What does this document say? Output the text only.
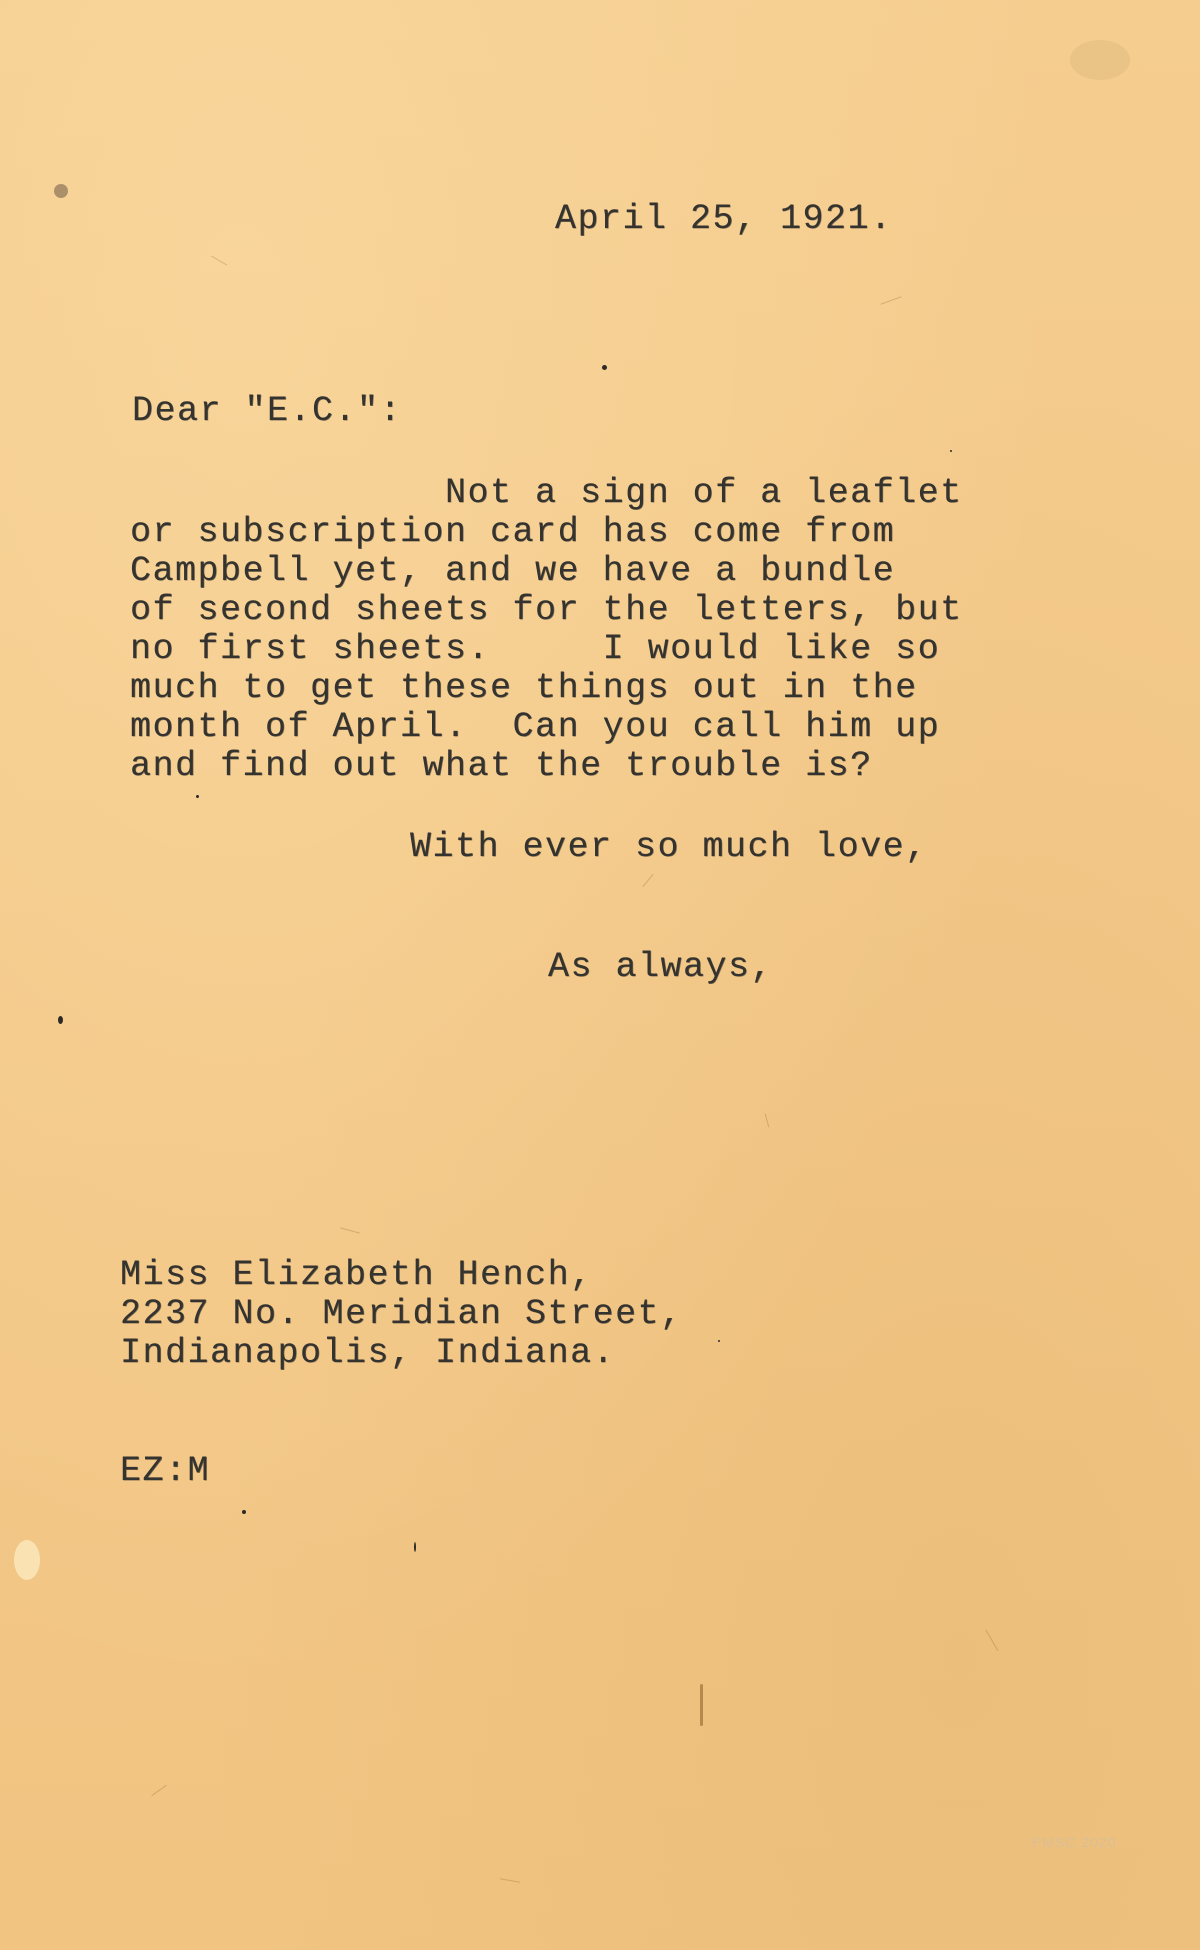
April 25, 1921.

Dear "E.C.":

Not a sign of a leaflet

or subscription card has come from

Campbell yet, and we have a bundle

of second sheets for the letters, but

no first sheets.     I would like so

much to get these things out in the

month of April.  Can you call him up

and find out what the trouble is?

With ever so much love,

As always,

Miss Elizabeth Hench,

2237 No. Meridian Street,

Indianapolis, Indiana.

EZ:M

PMSC 2020
